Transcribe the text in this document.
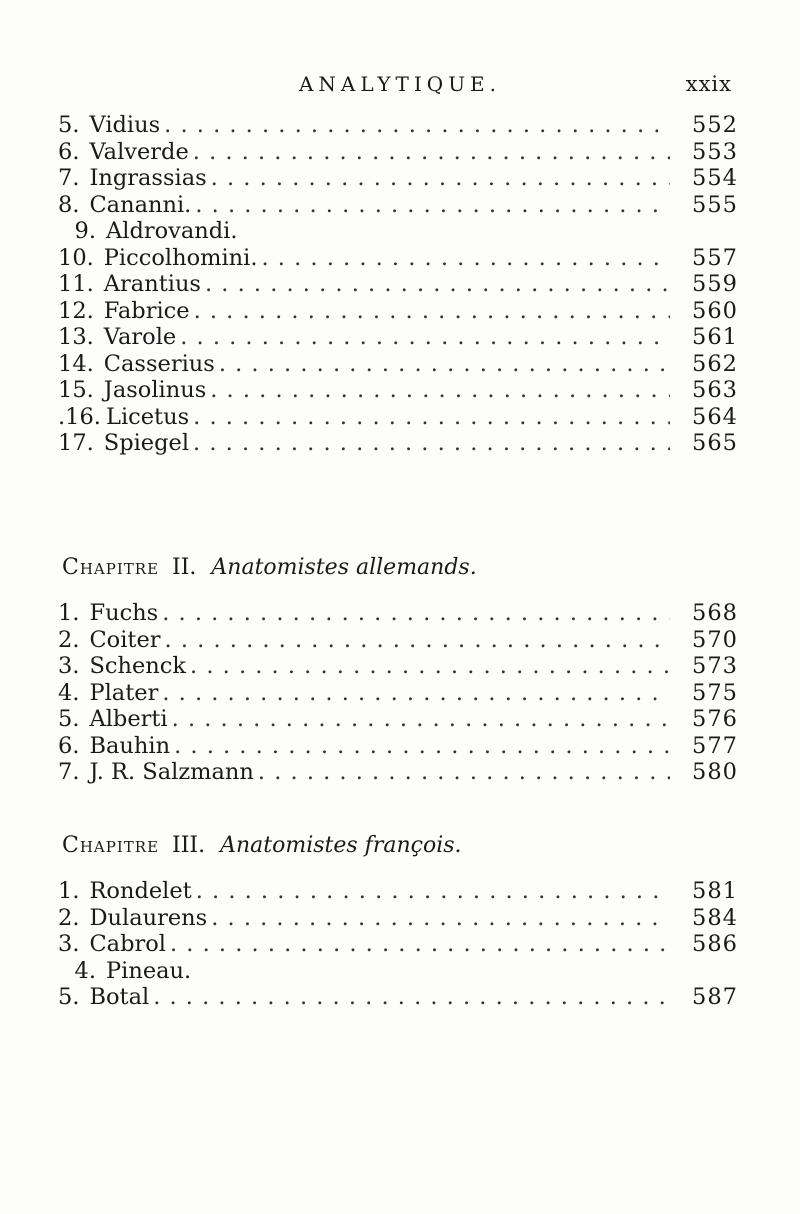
ANALYTIQUE.	xxix
5. Vidius . . .	552
6. Valverde . . .	553
7. Ingrassias . . .	554
8. Cananni. . . .	555
9. Aldrovandi.
10. Piccolhomini. . . .	557
11. Arantius . . .	559
12. Fabrice . . .	560
13. Varole . . .	561
14. Casserius . . .	562
15. Jasolinus . . .	563
.16. Licetus . . .	564
17. Spiegel . . .	565
Chapitre II. Anatomistes allemands.
1. Fuchs . . .	568
2. Coiter . . .	570
3. Schenck . . .	573
4. Plater . . .	575
5. Alberti . . .	576
6. Bauhin . . .	577
7. J. R. Salzmann . . .	580
Chapitre III. Anatomistes françois.
1. Rondelet . . .	581
2. Dulaurens . . .	584
3. Cabrol . . .	586
4. Pineau.
5. Botal . . .	587
